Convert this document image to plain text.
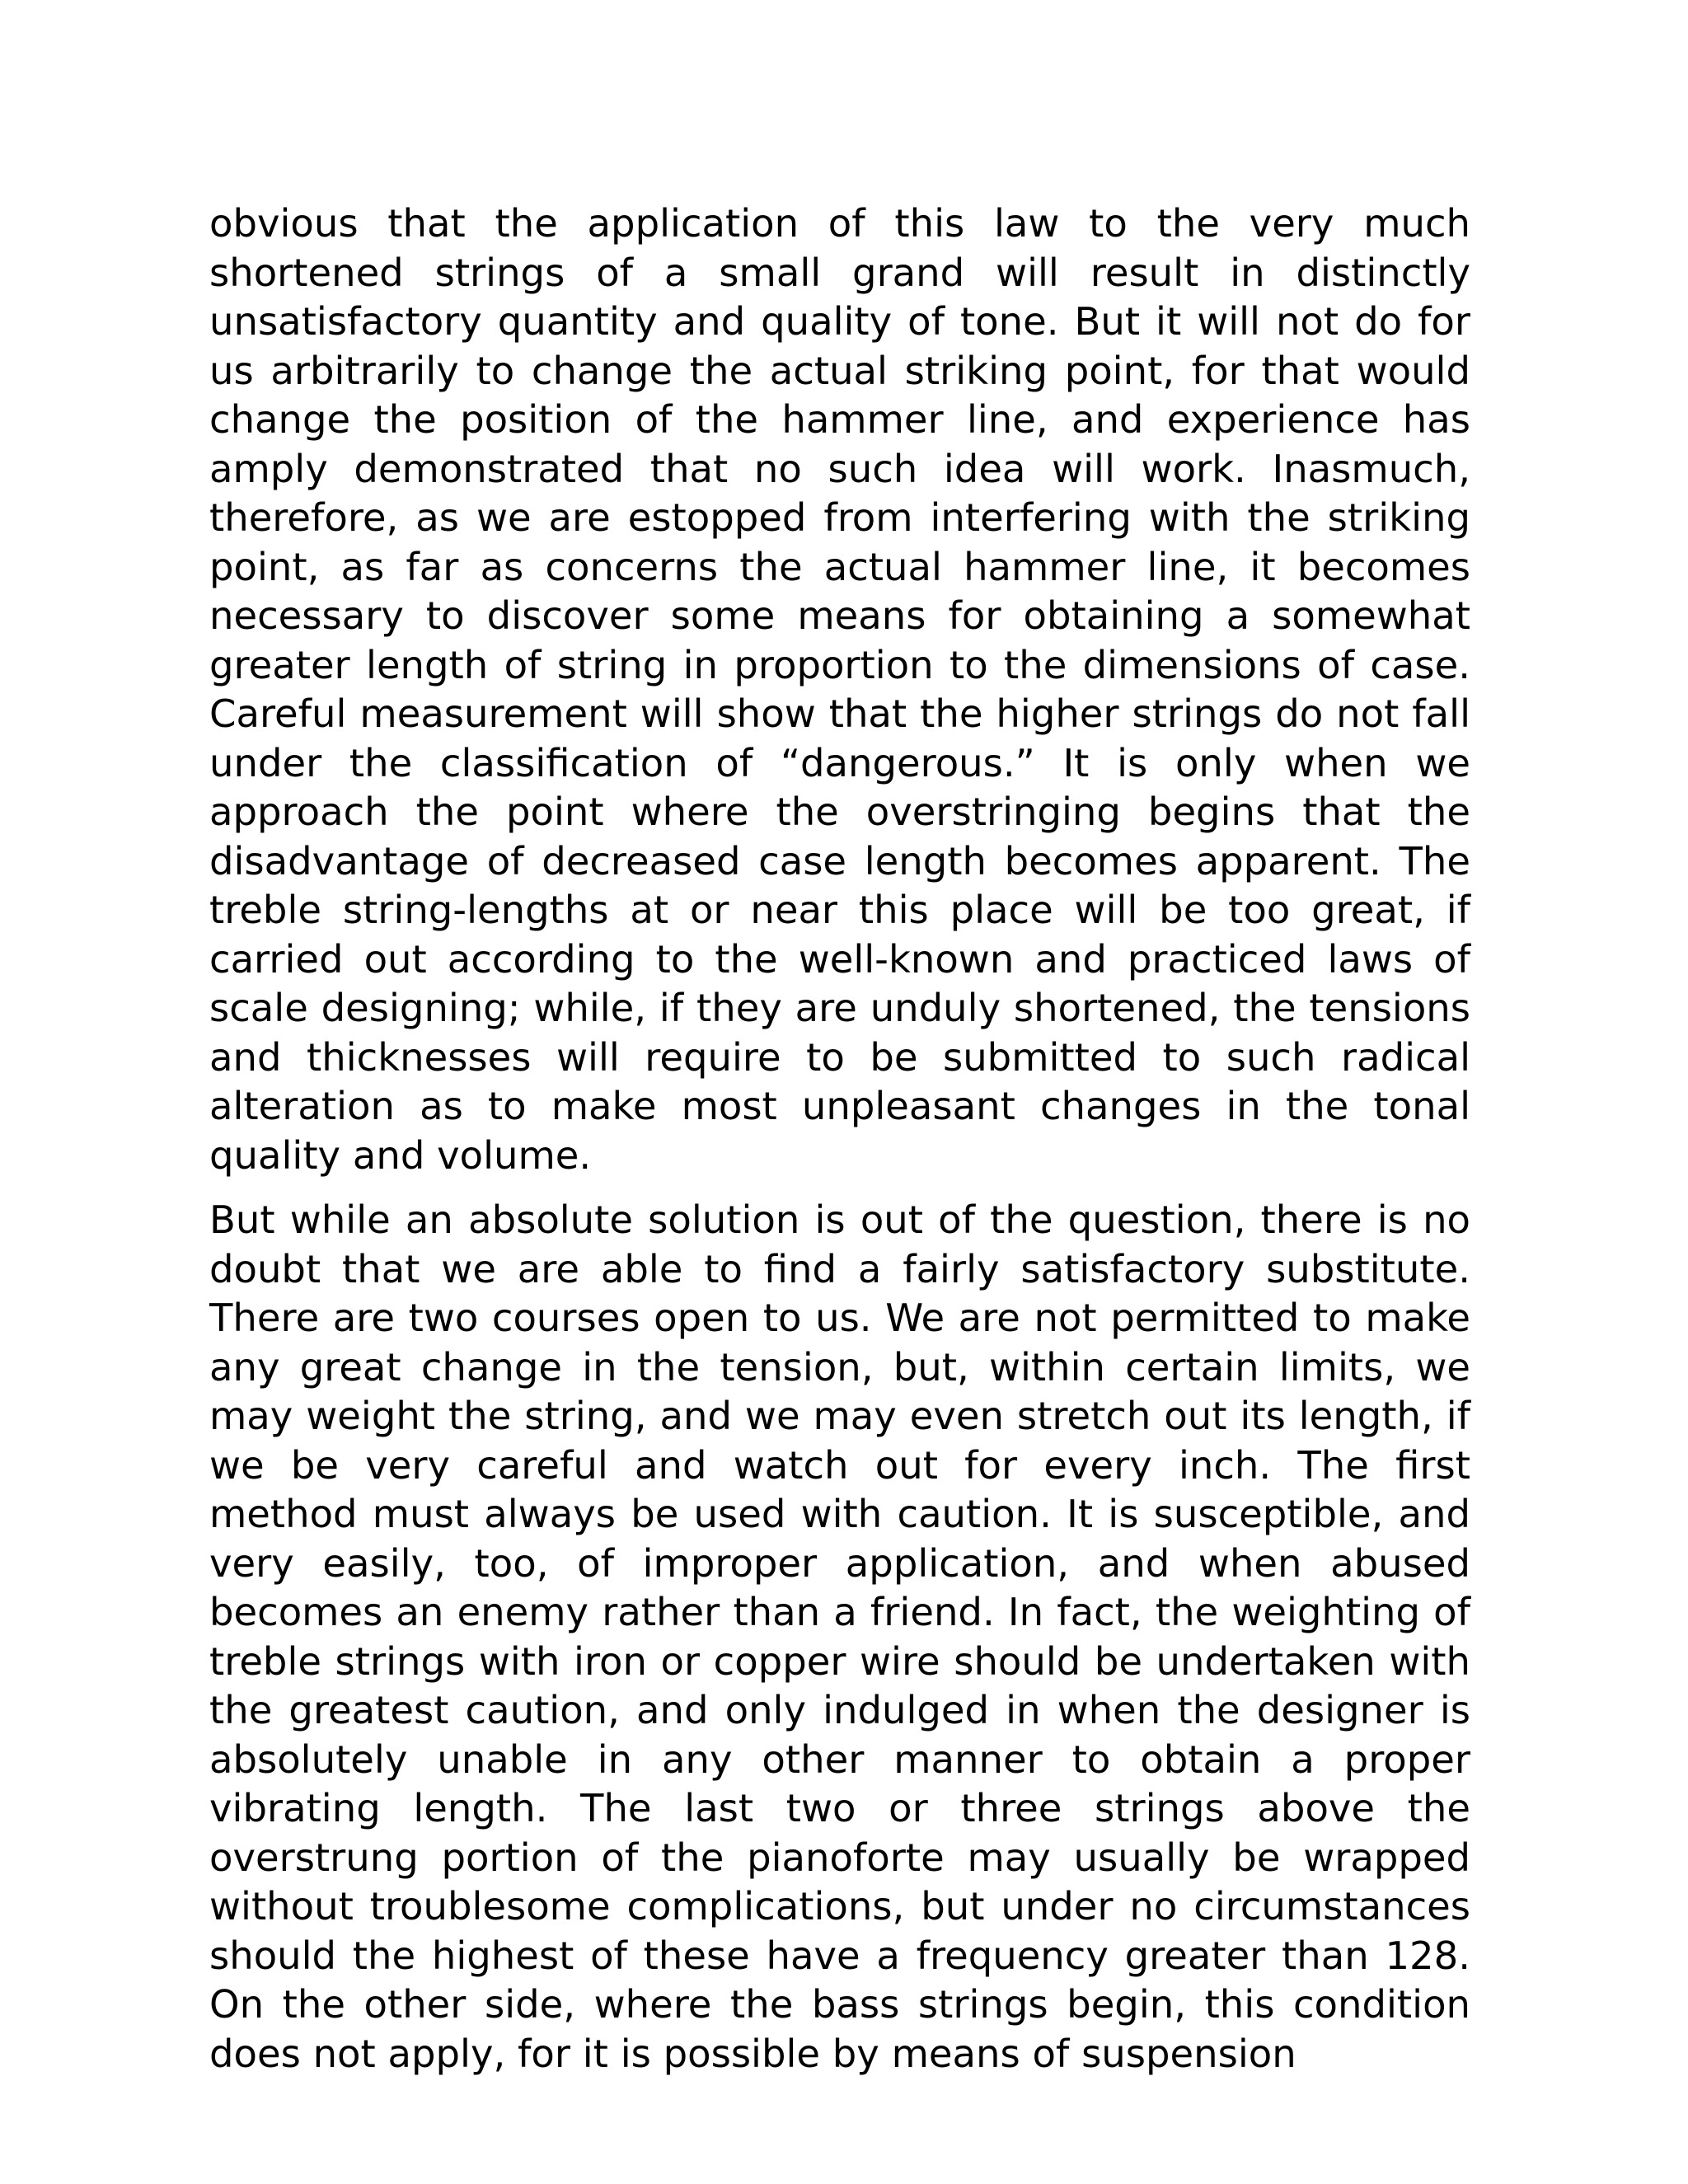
obvious that the application of this law to the very much shortened strings of a small grand will result in distinctly unsatisfactory quantity and quality of tone. But it will not do for us arbitrarily to change the actual striking point, for that would change the position of the hammer line, and experience has amply demonstrated that no such idea will work. Inasmuch, therefore, as we are estopped from interfering with the striking point, as far as concerns the actual hammer line, it becomes necessary to discover some means for obtaining a somewhat greater length of string in proportion to the dimensions of case. Careful measurement will show that the higher strings do not fall under the classification of “dangerous.” It is only when we approach the point where the overstringing begins that the disadvantage of decreased case length becomes apparent. The treble string-lengths at or near this place will be too great, if carried out according to the well-known and practiced laws of scale designing; while, if they are unduly shortened, the tensions and thicknesses will require to be submitted to such radical alteration as to make most unpleasant changes in the tonal quality and volume.

But while an absolute solution is out of the question, there is no doubt that we are able to find a fairly satisfactory substitute. There are two courses open to us. We are not permitted to make any great change in the tension, but, within certain limits, we may weight the string, and we may even stretch out its length, if we be very careful and watch out for every inch. The first method must always be used with caution. It is susceptible, and very easily, too, of improper application, and when abused becomes an enemy rather than a friend. In fact, the weighting of treble strings with iron or copper wire should be undertaken with the greatest caution, and only indulged in when the designer is absolutely unable in any other manner to obtain a proper vibrating length. The last two or three strings above the overstrung portion of the pianoforte may usually be wrapped without troublesome complications, but under no circumstances should the highest of these have a frequency greater than 128. On the other side, where the bass strings begin, this condition does not apply, for it is possible by means of suspension
